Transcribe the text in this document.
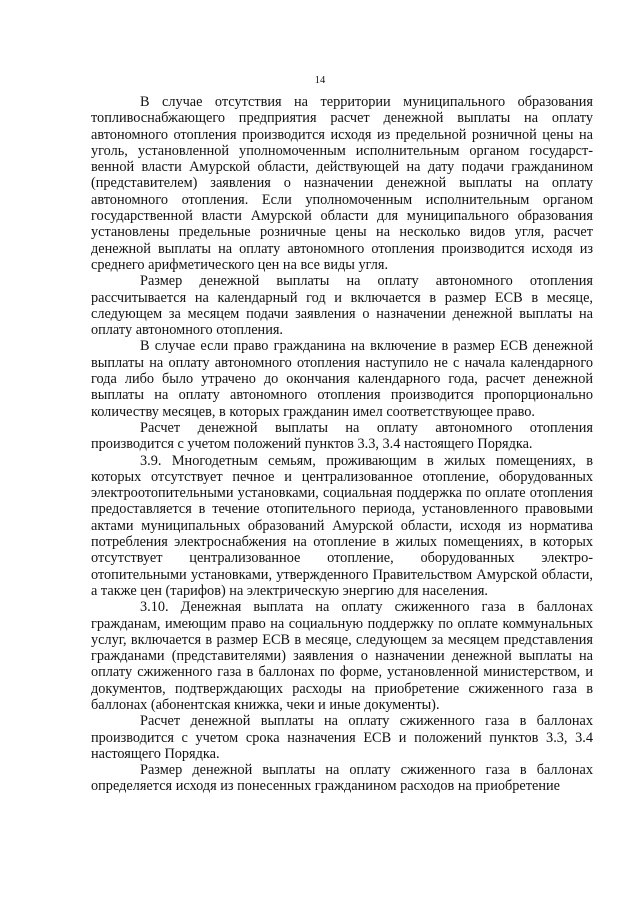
14

В случае отсутствия на территории муниципального образования топливоснабжающего предприятия расчет денежной выплаты на оплату автономного отопления производится исходя из предельной розничной цены на уголь, установленной уполномоченным исполнительным органом государст-венной власти Амурской области, действующей на дату подачи гражданином (представителем) заявления о назначении денежной выплаты на оплату автономного отопления. Если уполномоченным исполнительным органом государственной власти Амурской области для муниципального образования установлены предельные розничные цены на несколько видов угля, расчет денежной выплаты на оплату автономного отопления производится исходя из среднего арифметического цен на все виды угля.

Размер денежной выплаты на оплату автономного отопления рассчитывается на календарный год и включается в размер ЕСВ в месяце, следующем за месяцем подачи заявления о назначении денежной выплаты на оплату автономного отопления.

В случае если право гражданина на включение в размер ЕСВ денежной выплаты на оплату автономного отопления наступило не с начала календарного года либо было утрачено до окончания календарного года, расчет денежной выплаты на оплату автономного отопления производится пропорционально количеству месяцев, в которых гражданин имел соответствующее право.

Расчет денежной выплаты на оплату автономного отопления производится с учетом положений пунктов 3.3, 3.4 настоящего Порядка.

3.9. Многодетным семьям, проживающим в жилых помещениях, в которых отсутствует печное и централизованное отопление, оборудованных электроотопительными установками, социальная поддержка по оплате отопления предоставляется в течение отопительного периода, установленного правовыми актами муниципальных образований Амурской области, исходя из норматива потребления электроснабжения на отопление в жилых помещениях, в которых отсутствует централизованное отопление, оборудованных электро-отопительными установками, утвержденного Правительством Амурской области, а также цен (тарифов) на электрическую энергию для населения.

3.10. Денежная выплата на оплату сжиженного газа в баллонах гражданам, имеющим право на социальную поддержку по оплате коммунальных услуг, включается в размер ЕСВ в месяце, следующем за месяцем представления гражданами (представителями) заявления о назначении денежной выплаты на оплату сжиженного газа в баллонах по форме, установленной министерством, и документов, подтверждающих расходы на приобретение сжиженного газа в баллонах (абонентская книжка, чеки и иные документы).

Расчет денежной выплаты на оплату сжиженного газа в баллонах производится с учетом срока назначения ЕСВ и положений пунктов 3.3, 3.4 настоящего Порядка.

Размер денежной выплаты на оплату сжиженного газа в баллонах определяется исходя из понесенных гражданином расходов на приобретение
